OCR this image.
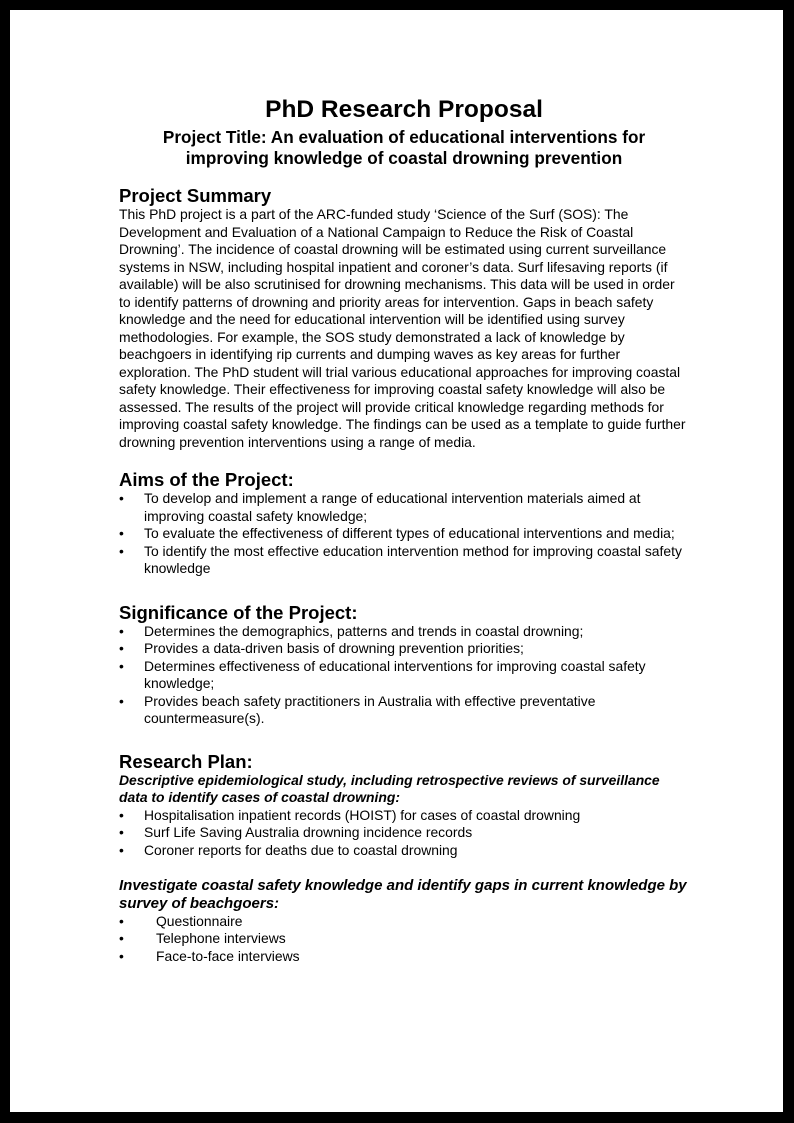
PhD Research Proposal
Project Title: An evaluation of educational interventions for improving knowledge of coastal drowning prevention
Project Summary

This PhD project is a part of the ARC-funded study ‘Science of the Surf (SOS): The Development and Evaluation of a National Campaign to Reduce the Risk of Coastal Drowning’. The incidence of coastal drowning will be estimated using current surveillance systems in NSW, including hospital inpatient and coroner’s data. Surf lifesaving reports (if available) will be also scrutinised for drowning mechanisms. This data will be used in order to identify patterns of drowning and priority areas for intervention. Gaps in beach safety knowledge and the need for educational intervention will be identified using survey methodologies. For example, the SOS study demonstrated a lack of knowledge by beachgoers in identifying rip currents and dumping waves as key areas for further exploration. The PhD student will trial various educational approaches for improving coastal safety knowledge. Their effectiveness for improving coastal safety knowledge will also be assessed. The results of the project will provide critical knowledge regarding methods for improving coastal safety knowledge. The findings can be used as a template to guide further drowning prevention interventions using a range of media.

Aims of the Project:
• To develop and implement a range of educational intervention materials aimed at improving coastal safety knowledge;
• To evaluate the effectiveness of different types of educational interventions and media;
• To identify the most effective education intervention method for improving coastal safety knowledge
Significance of the Project:
• Determines the demographics, patterns and trends in coastal drowning;
• Provides a data-driven basis of drowning prevention priorities;
• Determines effectiveness of educational interventions for improving coastal safety knowledge;
• Provides beach safety practitioners in Australia with effective preventative countermeasure(s).
Research Plan:

Descriptive epidemiological study, including retrospective reviews of surveillance data to identify cases of coastal drowning:

• Hospitalisation inpatient records (HOIST) for cases of coastal drowning
• Surf Life Saving Australia drowning incidence records
• Coroner reports for deaths due to coastal drowning

Investigate coastal safety knowledge and identify gaps in current knowledge by survey of beachgoers:

• Questionnaire
• Telephone interviews
• Face-to-face interviews
